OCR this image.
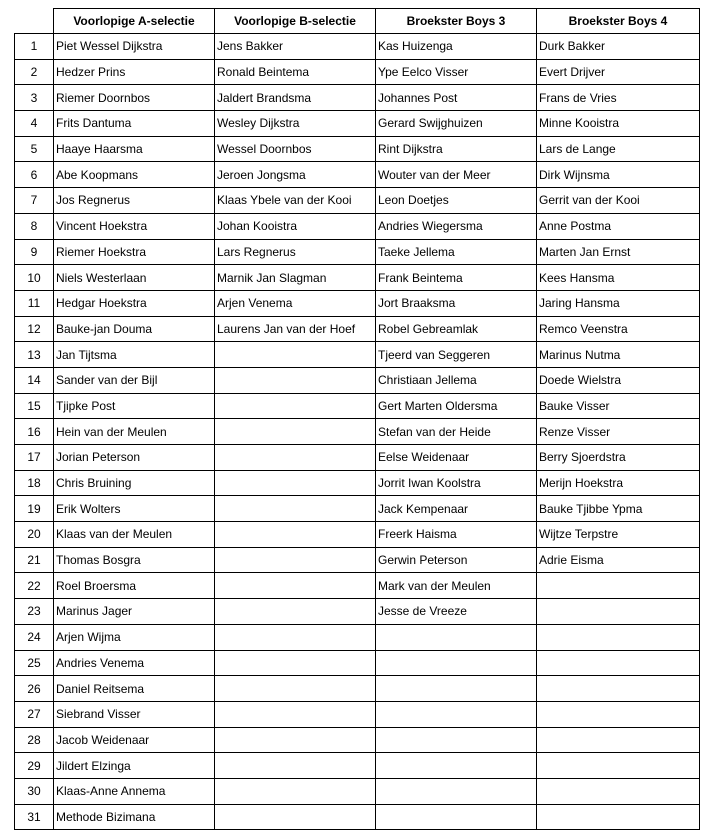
	Voorlopige A-selectie	Voorlopige B-selectie	Broekster Boys 3	Broekster Boys 4
1	Piet Wessel Dijkstra	Jens Bakker	Kas Huizenga	Durk Bakker
2	Hedzer Prins	Ronald Beintema	Ype Eelco Visser	Evert Drijver
3	Riemer Doornbos	Jaldert Brandsma	Johannes Post	Frans de Vries
4	Frits Dantuma	Wesley Dijkstra	Gerard Swijghuizen	Minne Kooistra
5	Haaye Haarsma	Wessel Doornbos	Rint Dijkstra	Lars de Lange
6	Abe Koopmans	Jeroen Jongsma	Wouter van der Meer	Dirk Wijnsma
7	Jos Regnerus	Klaas Ybele van der Kooi	Leon Doetjes	Gerrit van der Kooi
8	Vincent Hoekstra	Johan Kooistra	Andries Wiegersma	Anne Postma
9	Riemer Hoekstra	Lars Regnerus	Taeke Jellema	Marten Jan Ernst
10	Niels Westerlaan	Marnik Jan Slagman	Frank Beintema	Kees Hansma
11	Hedgar Hoekstra	Arjen Venema	Jort Braaksma	Jaring Hansma
12	Bauke-jan Douma	Laurens Jan van der Hoef	Robel Gebreamlak	Remco Veenstra
13	Jan Tijtsma		Tjeerd van Seggeren	Marinus Nutma
14	Sander van der Bijl		Christiaan Jellema	Doede Wielstra
15	Tjipke Post		Gert Marten Oldersma	Bauke Visser
16	Hein van der Meulen		Stefan van der Heide	Renze Visser
17	Jorian Peterson		Eelse Weidenaar	Berry Sjoerdstra
18	Chris Bruining		Jorrit Iwan Koolstra	Merijn Hoekstra
19	Erik Wolters		Jack Kempenaar	Bauke Tjibbe Ypma
20	Klaas van der Meulen		Freerk Haisma	Wijtze Terpstre
21	Thomas Bosgra		Gerwin Peterson	Adrie Eisma
22	Roel Broersma		Mark van der Meulen	
23	Marinus Jager		Jesse de Vreeze	
24	Arjen Wijma			
25	Andries Venema			
26	Daniel Reitsema			
27	Siebrand Visser			
28	Jacob Weidenaar			
29	Jildert Elzinga			
30	Klaas-Anne Annema			
31	Methode Bizimana			
